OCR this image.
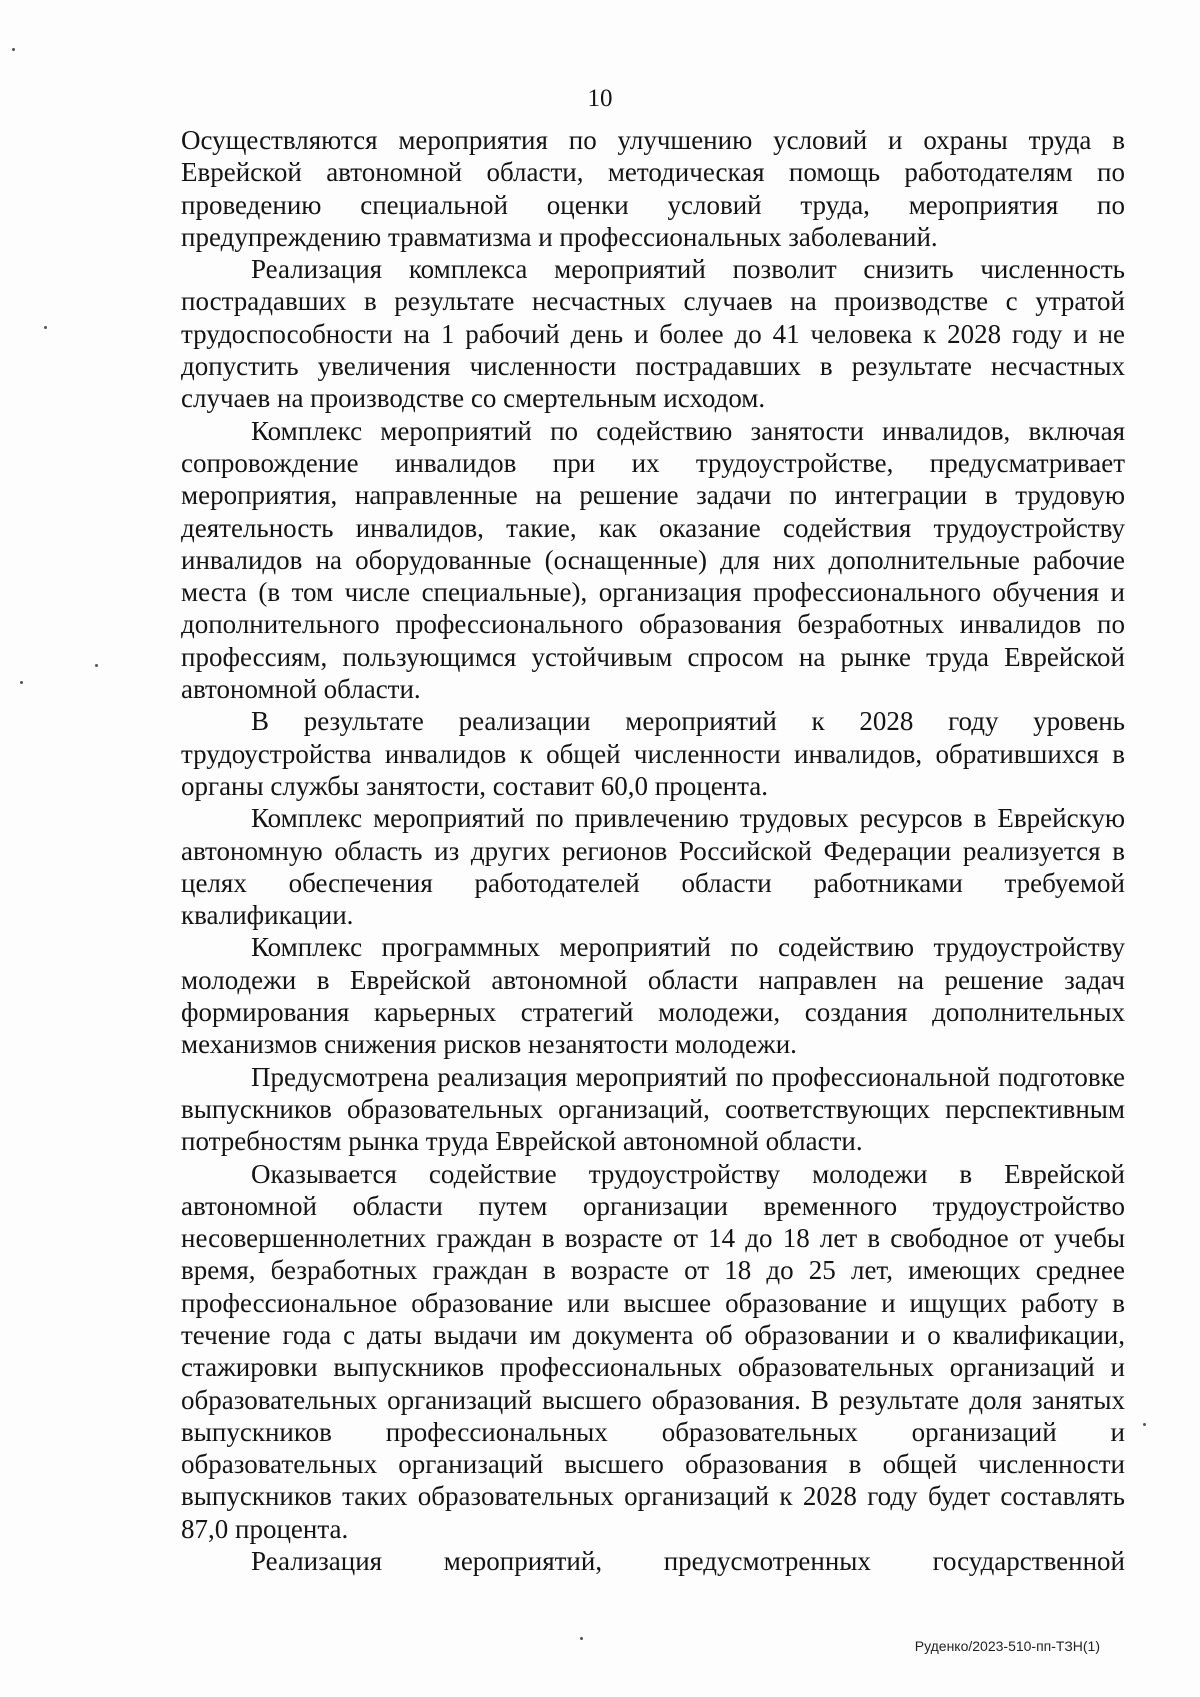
10

Осуществляются мероприятия по улучшению условий и охраны труда в Еврейской автономной области, методическая помощь работодателям по проведению специальной оценки условий труда, мероприятия по предупреждению травматизма и профессиональных заболеваний.

Реализация комплекса мероприятий позволит снизить численность пострадавших в результате несчастных случаев на производстве с утратой трудоспособности на 1 рабочий день и более до 41 человека к 2028 году и не допустить увеличения численности пострадавших в результате несчастных случаев на производстве со смертельным исходом.

Комплекс мероприятий по содействию занятости инвалидов, включая сопровождение инвалидов при их трудоустройстве, предусматривает мероприятия, направленные на решение задачи по интеграции в трудовую деятельность инвалидов, такие, как оказание содействия трудоустройству инвалидов на оборудованные (оснащенные) для них дополнительные рабочие места (в том числе специальные), организация профессионального обучения и дополнительного профессионального образования безработных инвалидов по профессиям, пользующимся устойчивым спросом на рынке труда Еврейской автономной области.

В результате реализации мероприятий к 2028 году уровень трудоустройства инвалидов к общей численности инвалидов, обратившихся в органы службы занятости, составит 60,0 процента.

Комплекс мероприятий по привлечению трудовых ресурсов в Еврейскую автономную область из других регионов Российской Федерации реализуется в целях обеспечения работодателей области работниками требуемой квалификации.

Комплекс программных мероприятий по содействию трудоустройству молодежи в Еврейской автономной области направлен на решение задач формирования карьерных стратегий молодежи, создания дополнительных механизмов снижения рисков незанятости молодежи.

Предусмотрена реализация мероприятий по профессиональной подготовке выпускников образовательных организаций, соответствующих перспективным потребностям рынка труда Еврейской автономной области.

Оказывается содействие трудоустройству молодежи в Еврейской автономной области путем организации временного трудоустройство несовершеннолетних граждан в возрасте от 14 до 18 лет в свободное от учебы время, безработных граждан в возрасте от 18 до 25 лет, имеющих среднее профессиональное образование или высшее образование и ищущих работу в течение года с даты выдачи им документа об образовании и о квалификации, стажировки выпускников профессиональных образовательных организаций и образовательных организаций высшего образования. В результате доля занятых выпускников профессиональных образовательных организаций и образовательных организаций высшего образования в общей численности выпускников таких образовательных организаций к 2028 году будет составлять 87,0 процента.

Реализация мероприятий, предусмотренных государственной

Руденко/2023-510-пп-ТЗН(1)
